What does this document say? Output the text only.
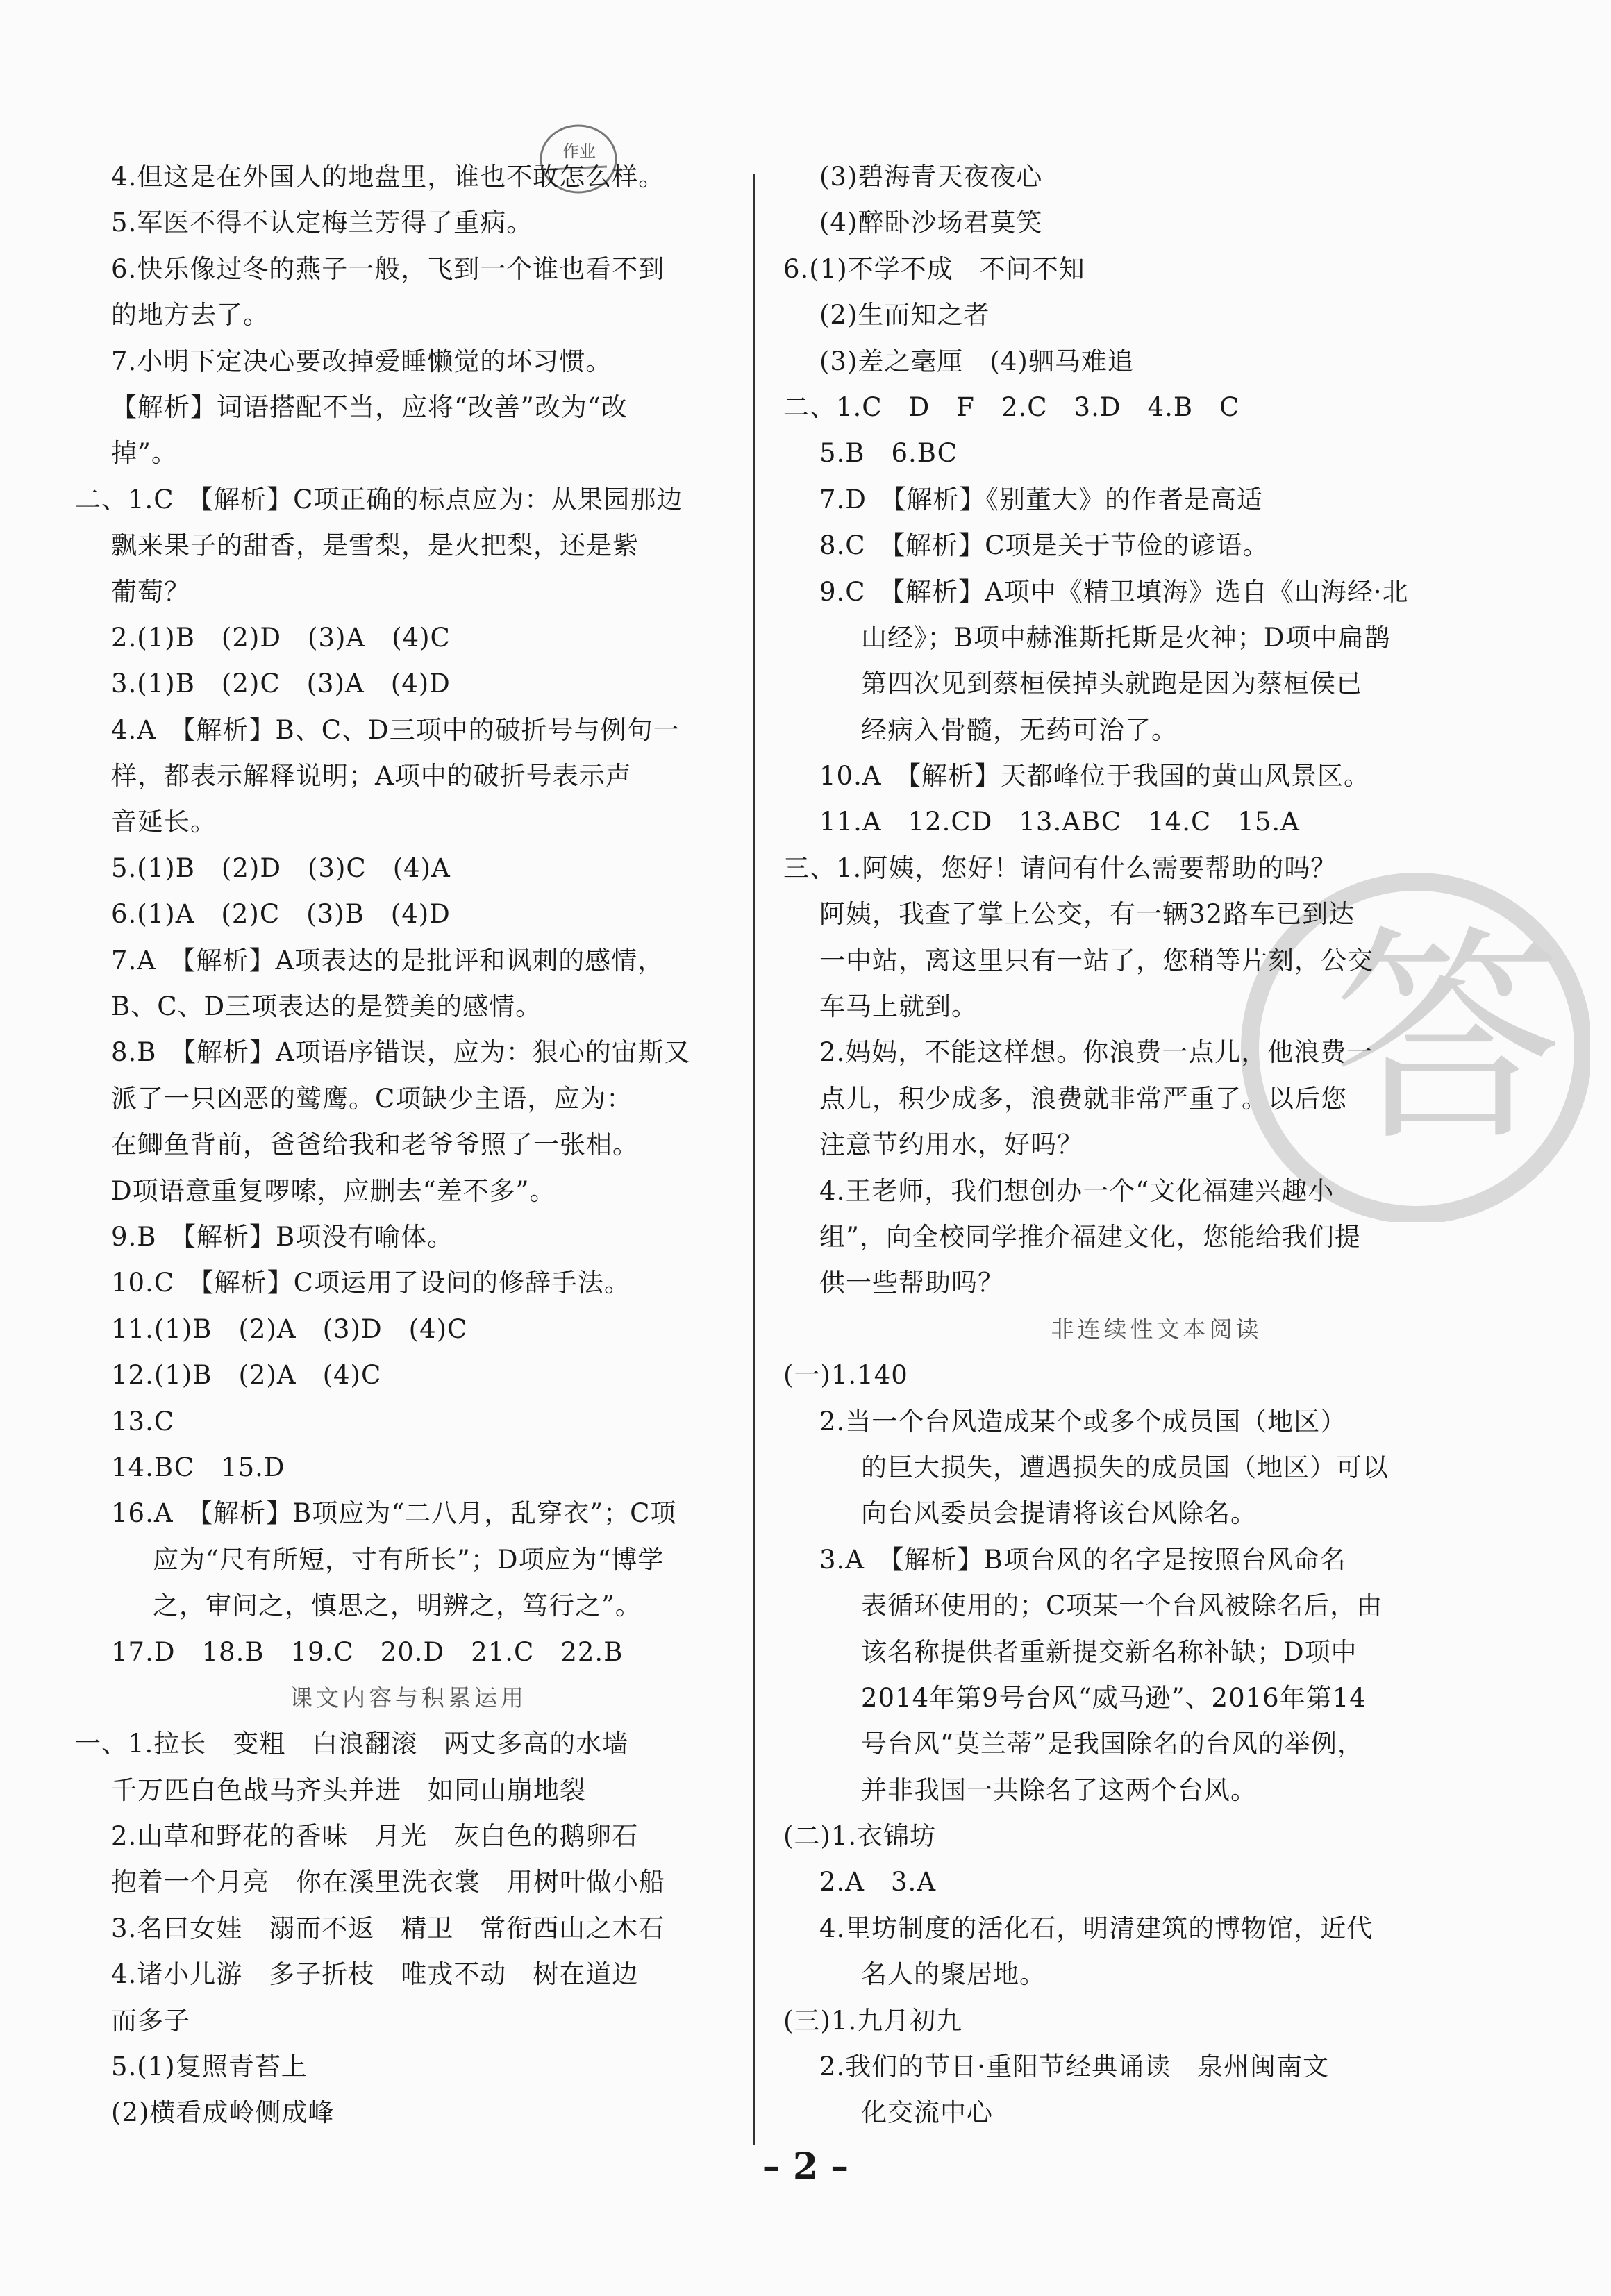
答
作业
4.但这是在外国人的地盘里，谁也不敢怎么样。
5.军医不得不认定梅兰芳得了重病。
6.快乐像过冬的燕子一般，飞到一个谁也看不到
的地方去了。
7.小明下定决心要改掉爱睡懒觉的坏习惯。
【解析】词语搭配不当，应将“改善”改为“改
掉”。
二、1.C　【解析】C项正确的标点应为：从果园那边
飘来果子的甜香，是雪梨，是火把梨，还是紫
葡萄？
2.(1)B　(2)D　(3)A　(4)C
3.(1)B　(2)C　(3)A　(4)D
4.A　【解析】B、C、D三项中的破折号与例句一
样，都表示解释说明；A项中的破折号表示声
音延长。
5.(1)B　(2)D　(3)C　(4)A
6.(1)A　(2)C　(3)B　(4)D
7.A　【解析】A项表达的是批评和讽刺的感情，
B、C、D三项表达的是赞美的感情。
8.B　【解析】A项语序错误，应为：狠心的宙斯又
派了一只凶恶的鹫鹰。C项缺少主语，应为：
在鲫鱼背前，爸爸给我和老爷爷照了一张相。
D项语意重复啰嗦，应删去“差不多”。
9.B　【解析】B项没有喻体。
10.C　【解析】C项运用了设问的修辞手法。
11.(1)B　(2)A　(3)D　(4)C
12.(1)B　(2)A　(4)C
13.C
14.BC　15.D
16.A　【解析】B项应为“二八月，乱穿衣”；C项
应为“尺有所短，寸有所长”；D项应为“博学
之，审问之，慎思之，明辨之，笃行之”。
17.D　18.B　19.C　20.D　21.C　22.B
课文内容与积累运用
一、1.拉长　变粗　白浪翻滚　两丈多高的水墙
千万匹白色战马齐头并进　如同山崩地裂
2.山草和野花的香味　月光　灰白色的鹅卵石
抱着一个月亮　你在溪里洗衣裳　用树叶做小船
3.名曰女娃　溺而不返　精卫　常衔西山之木石
4.诸小儿游　多子折枝　唯戎不动　树在道边
而多子
5.(1)复照青苔上
(2)横看成岭侧成峰
(3)碧海青天夜夜心
(4)醉卧沙场君莫笑
6.(1)不学不成　不问不知
(2)生而知之者
(3)差之毫厘　(4)驷马难追
二、1.C　D　F　2.C　3.D　4.B　C
5.B　6.BC
7.D　【解析】《别董大》的作者是高适
8.C　【解析】C项是关于节俭的谚语。
9.C　【解析】A项中《精卫填海》选自《山海经·北
山经》；B项中赫淮斯托斯是火神；D项中扁鹊
第四次见到蔡桓侯掉头就跑是因为蔡桓侯已
经病入骨髓，无药可治了。
10.A　【解析】天都峰位于我国的黄山风景区。
11.A　12.CD　13.ABC　14.C　15.A
三、1.阿姨，您好！请问有什么需要帮助的吗？
阿姨，我查了掌上公交，有一辆32路车已到达
一中站，离这里只有一站了，您稍等片刻，公交
车马上就到。
2.妈妈，不能这样想。你浪费一点儿，他浪费一
点儿，积少成多，浪费就非常严重了。以后您
注意节约用水，好吗？
4.王老师，我们想创办一个“文化福建兴趣小
组”，向全校同学推介福建文化，您能给我们提
供一些帮助吗？
非连续性文本阅读
(一)1.140
2.当一个台风造成某个或多个成员国（地区）
的巨大损失，遭遇损失的成员国（地区）可以
向台风委员会提请将该台风除名。
3.A　【解析】B项台风的名字是按照台风命名
表循环使用的；C项某一个台风被除名后，由
该名称提供者重新提交新名称补缺；D项中
2014年第9号台风“威马逊”、2016年第14
号台风“莫兰蒂”是我国除名的台风的举例，
并非我国一共除名了这两个台风。
(二)1.衣锦坊
2.A　3.A
4.里坊制度的活化石，明清建筑的博物馆，近代
名人的聚居地。
(三)1.九月初九
2.我们的节日·重阳节经典诵读　泉州闽南文
化交流中心
– 2 –
